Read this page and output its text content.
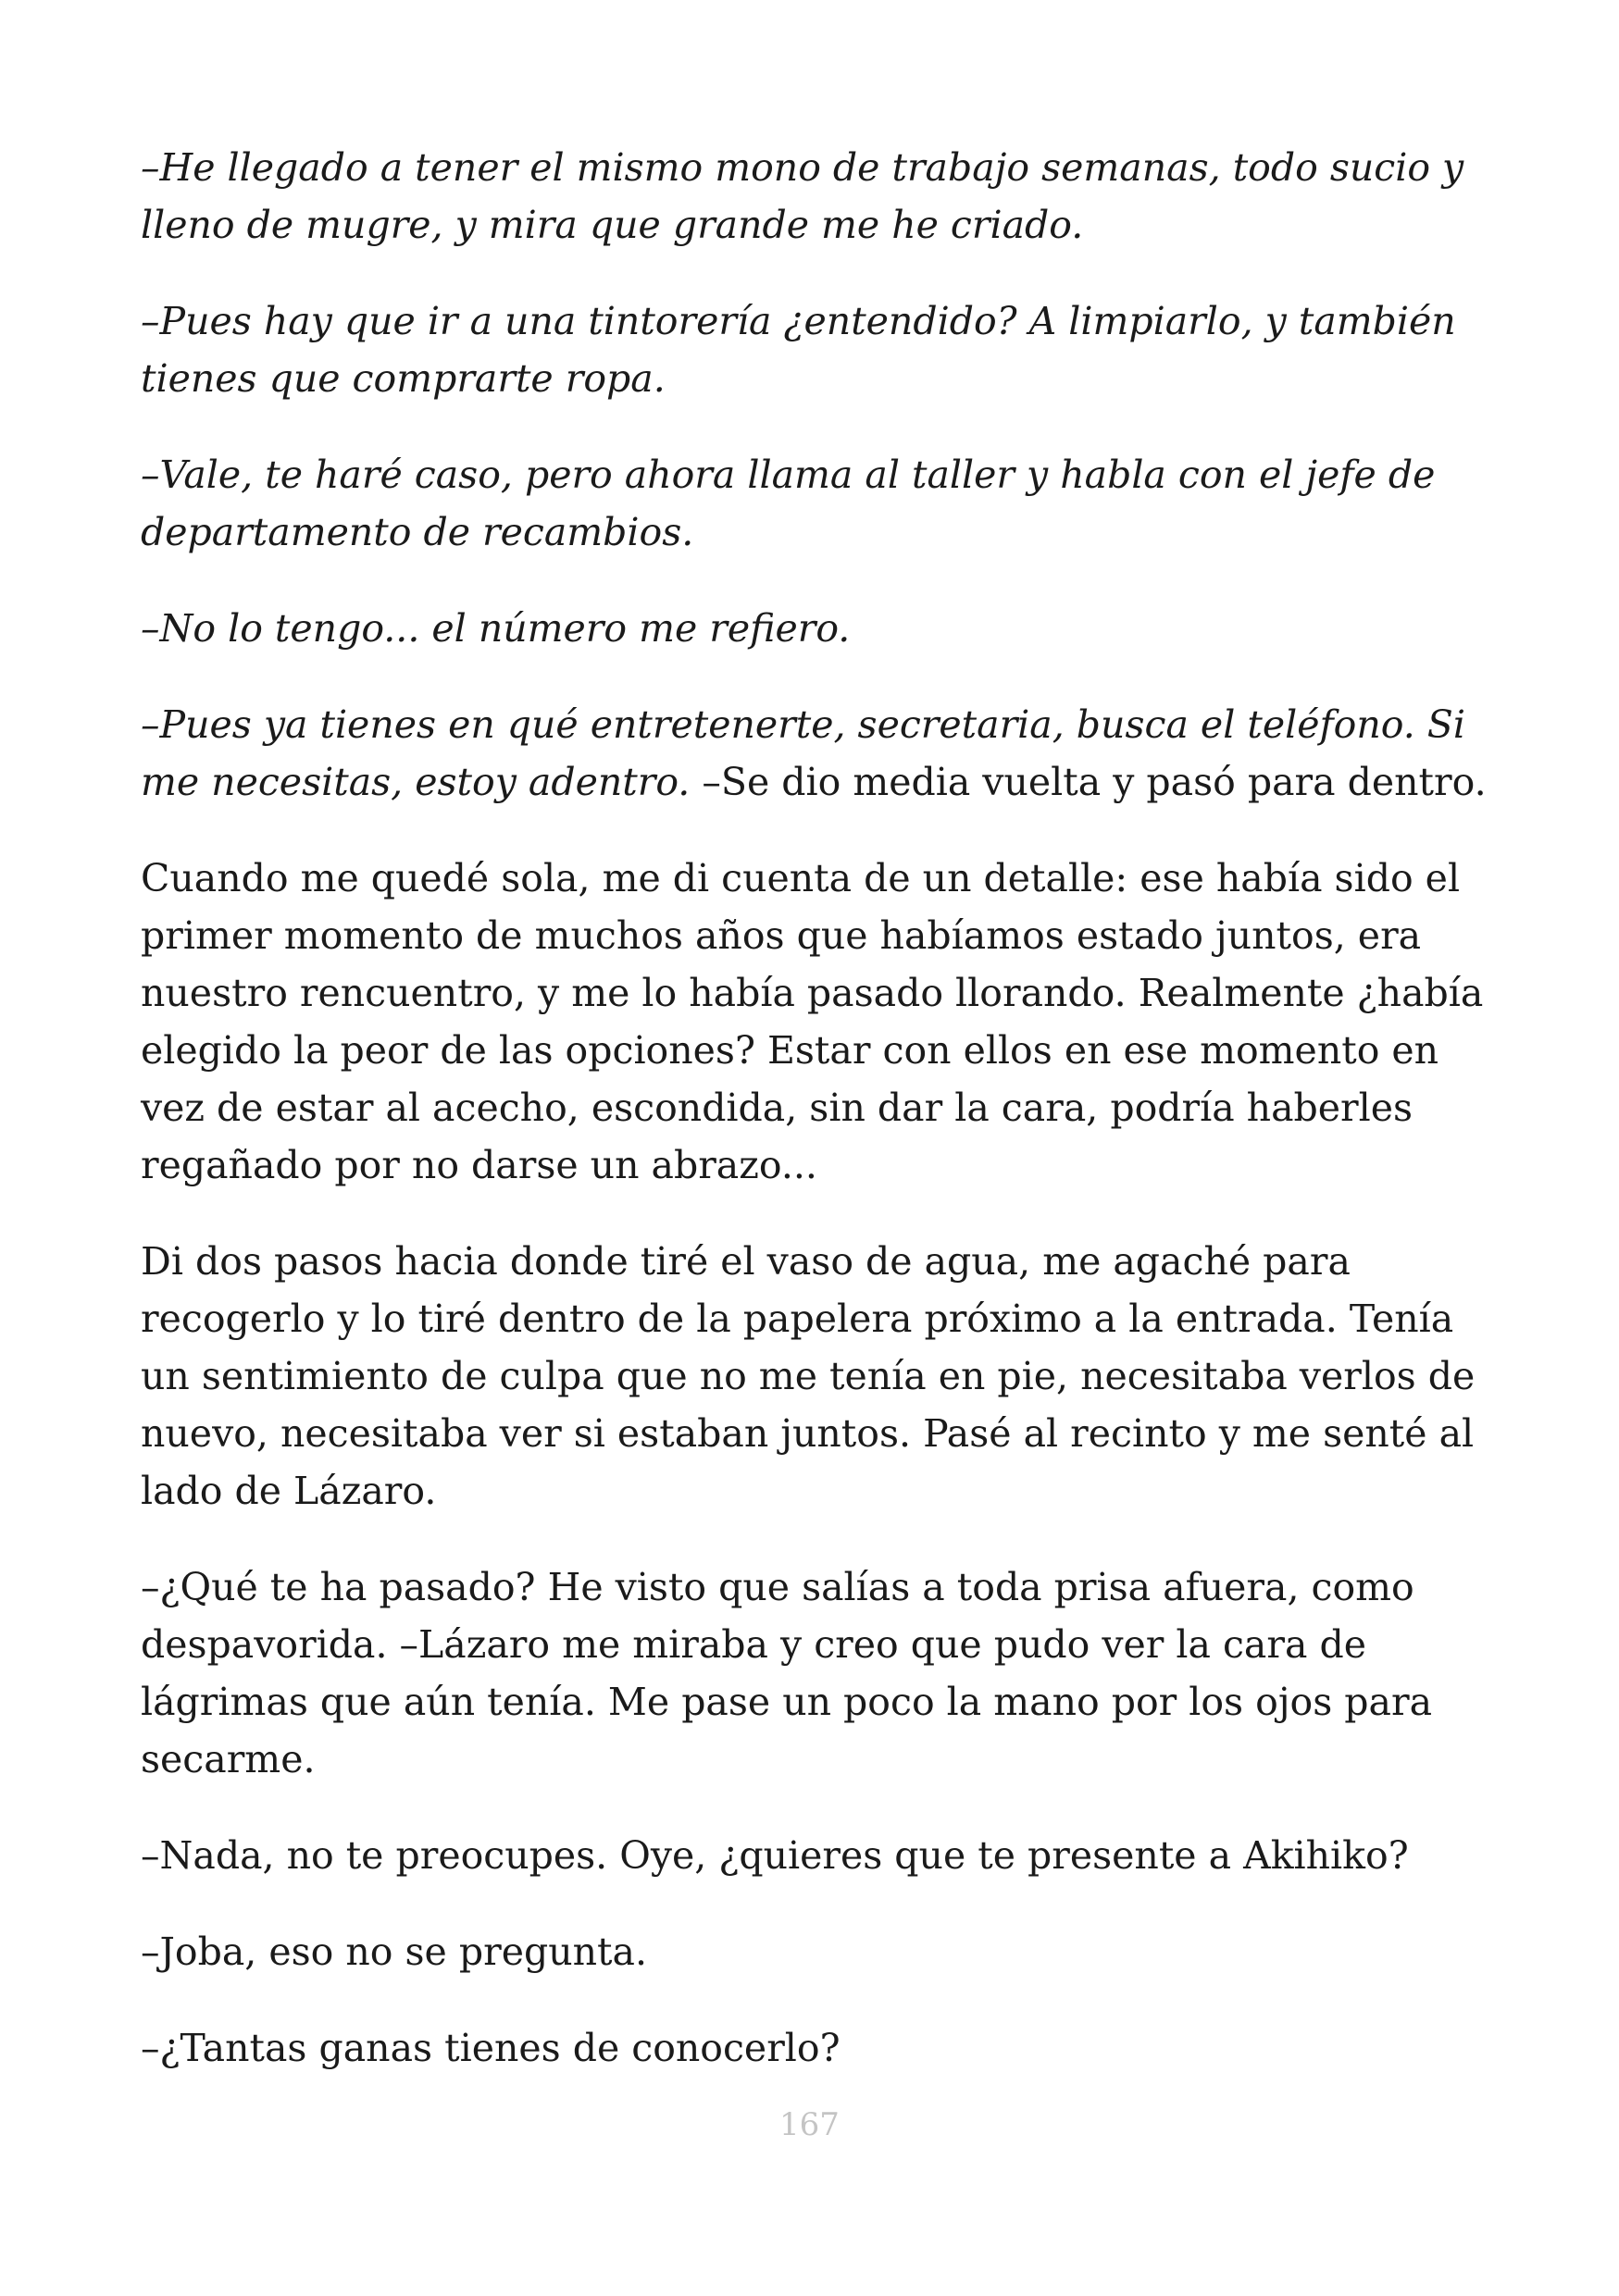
–He llegado a tener el mismo mono de trabajo semanas, todo sucio y lleno de mugre, y mira que grande me he criado.

–Pues hay que ir a una tintorería ¿entendido? A limpiarlo, y también tienes que comprarte ropa.

–Vale, te haré caso, pero ahora llama al taller y habla con el jefe de departamento de recambios.

–No lo tengo... el número me refiero.

–Pues ya tienes en qué entretenerte, secretaria, busca el teléfono. Si me necesitas, estoy adentro. –Se dio media vuelta y pasó para dentro.

Cuando me quedé sola, me di cuenta de un detalle: ese había sido el primer momento de muchos años que habíamos estado juntos, era nuestro rencuentro, y me lo había pasado llorando. Realmente ¿había elegido la peor de las opciones? Estar con ellos en ese momento en vez de estar al acecho, escondida, sin dar la cara, podría haberles regañado por no darse un abrazo...

Di dos pasos hacia donde tiré el vaso de agua, me agaché para recogerlo y lo tiré dentro de la papelera próximo a la entrada. Tenía un sentimiento de culpa que no me tenía en pie, necesitaba verlos de nuevo, necesitaba ver si estaban juntos. Pasé al recinto y me senté al lado de Lázaro.

–¿Qué te ha pasado? He visto que salías a toda prisa afuera, como despavorida. –Lázaro me miraba y creo que pudo ver la cara de lágrimas que aún tenía. Me pase un poco la mano por los ojos para secarme.

–Nada, no te preocupes. Oye, ¿quieres que te presente a Akihiko?

–Joba, eso no se pregunta.

–¿Tantas ganas tienes de conocerlo?

167
